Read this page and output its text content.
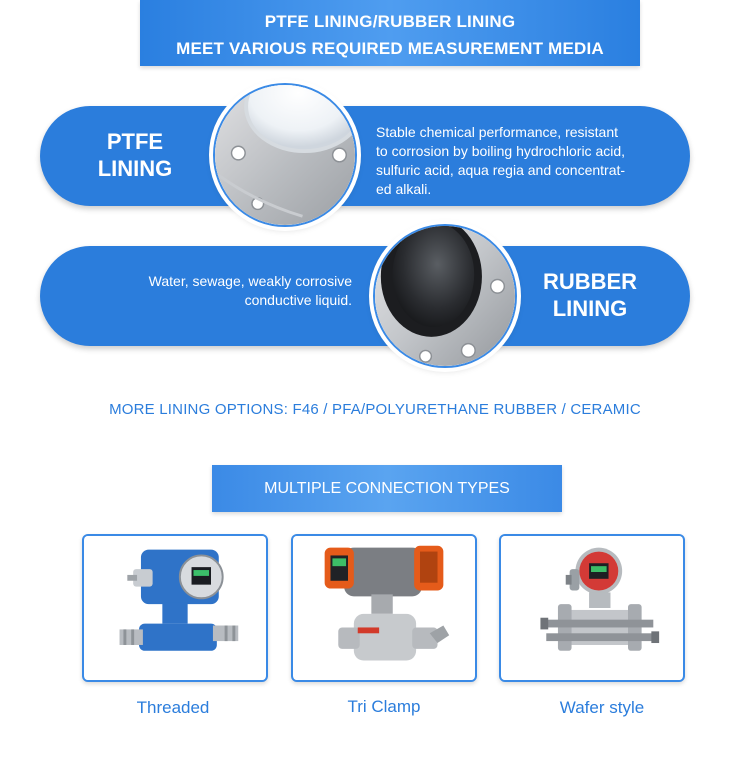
PTFE LINING/RUBBER LINING
MEET VARIOUS REQUIRED MEASUREMENT MEDIA
PTFE
LINING
Stable chemical performance, resistant
to corrosion by boiling hydrochloric acid,
sulfuric acid, aqua regia and concentrat-
ed alkali.
Water, sewage, weakly corrosive
conductive liquid.
RUBBER
LINING
MORE LINING OPTIONS: F46 / PFA/POLYURETHANE RUBBER / CERAMIC
MULTIPLE CONNECTION TYPES
Threaded	Tri Clamp	Wafer style
